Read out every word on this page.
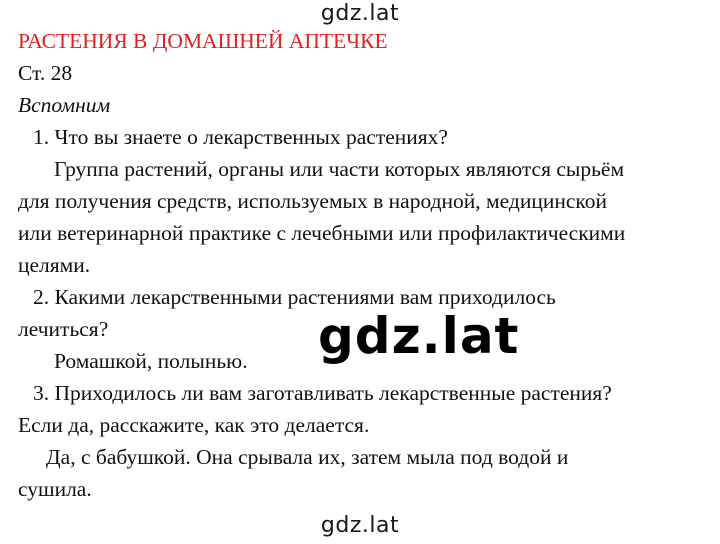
gdz.lat
РАСТЕНИЯ В ДОМАШНЕЙ АПТЕЧКЕ
Ст. 28
Вспомним
1. Что вы знаете о лекарственных растениях?
Группа растений, органы или части которых являются сырьём
для получения средств, используемых в народной, медицинской
или ветеринарной практике с лечебными или профилактическими
целями.
2. Какими лекарственными растениями вам приходилось
лечиться?
Ромашкой, полынью.
3. Приходилось ли вам заготавливать лекарственные растения?
Если да, расскажите, как это делается.
Да, с бабушкой. Она срывала их, затем мыла под водой и
сушила.
gdz.lat
gdz.lat
